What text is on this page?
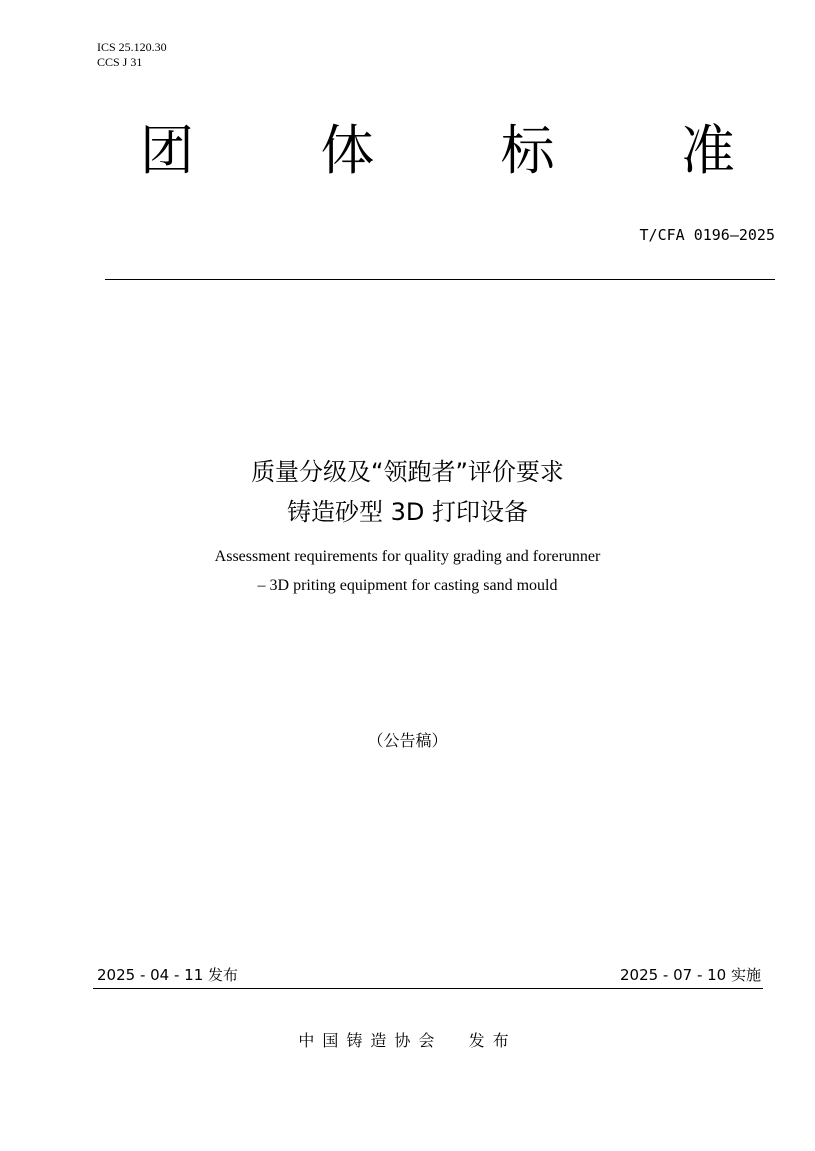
ICS 25.120.30
CCS J 31
团 体 标 准
T/CFA 0196—2025
质量分级及“领跑者”评价要求
铸造砂型 3D 打印设备
Assessment requirements for quality grading and forerunner
– 3D priting equipment for casting sand mould
（公告稿）
2025 - 04 - 11 发布	2025 - 07 - 10 实施
中国铸造协会  发布
